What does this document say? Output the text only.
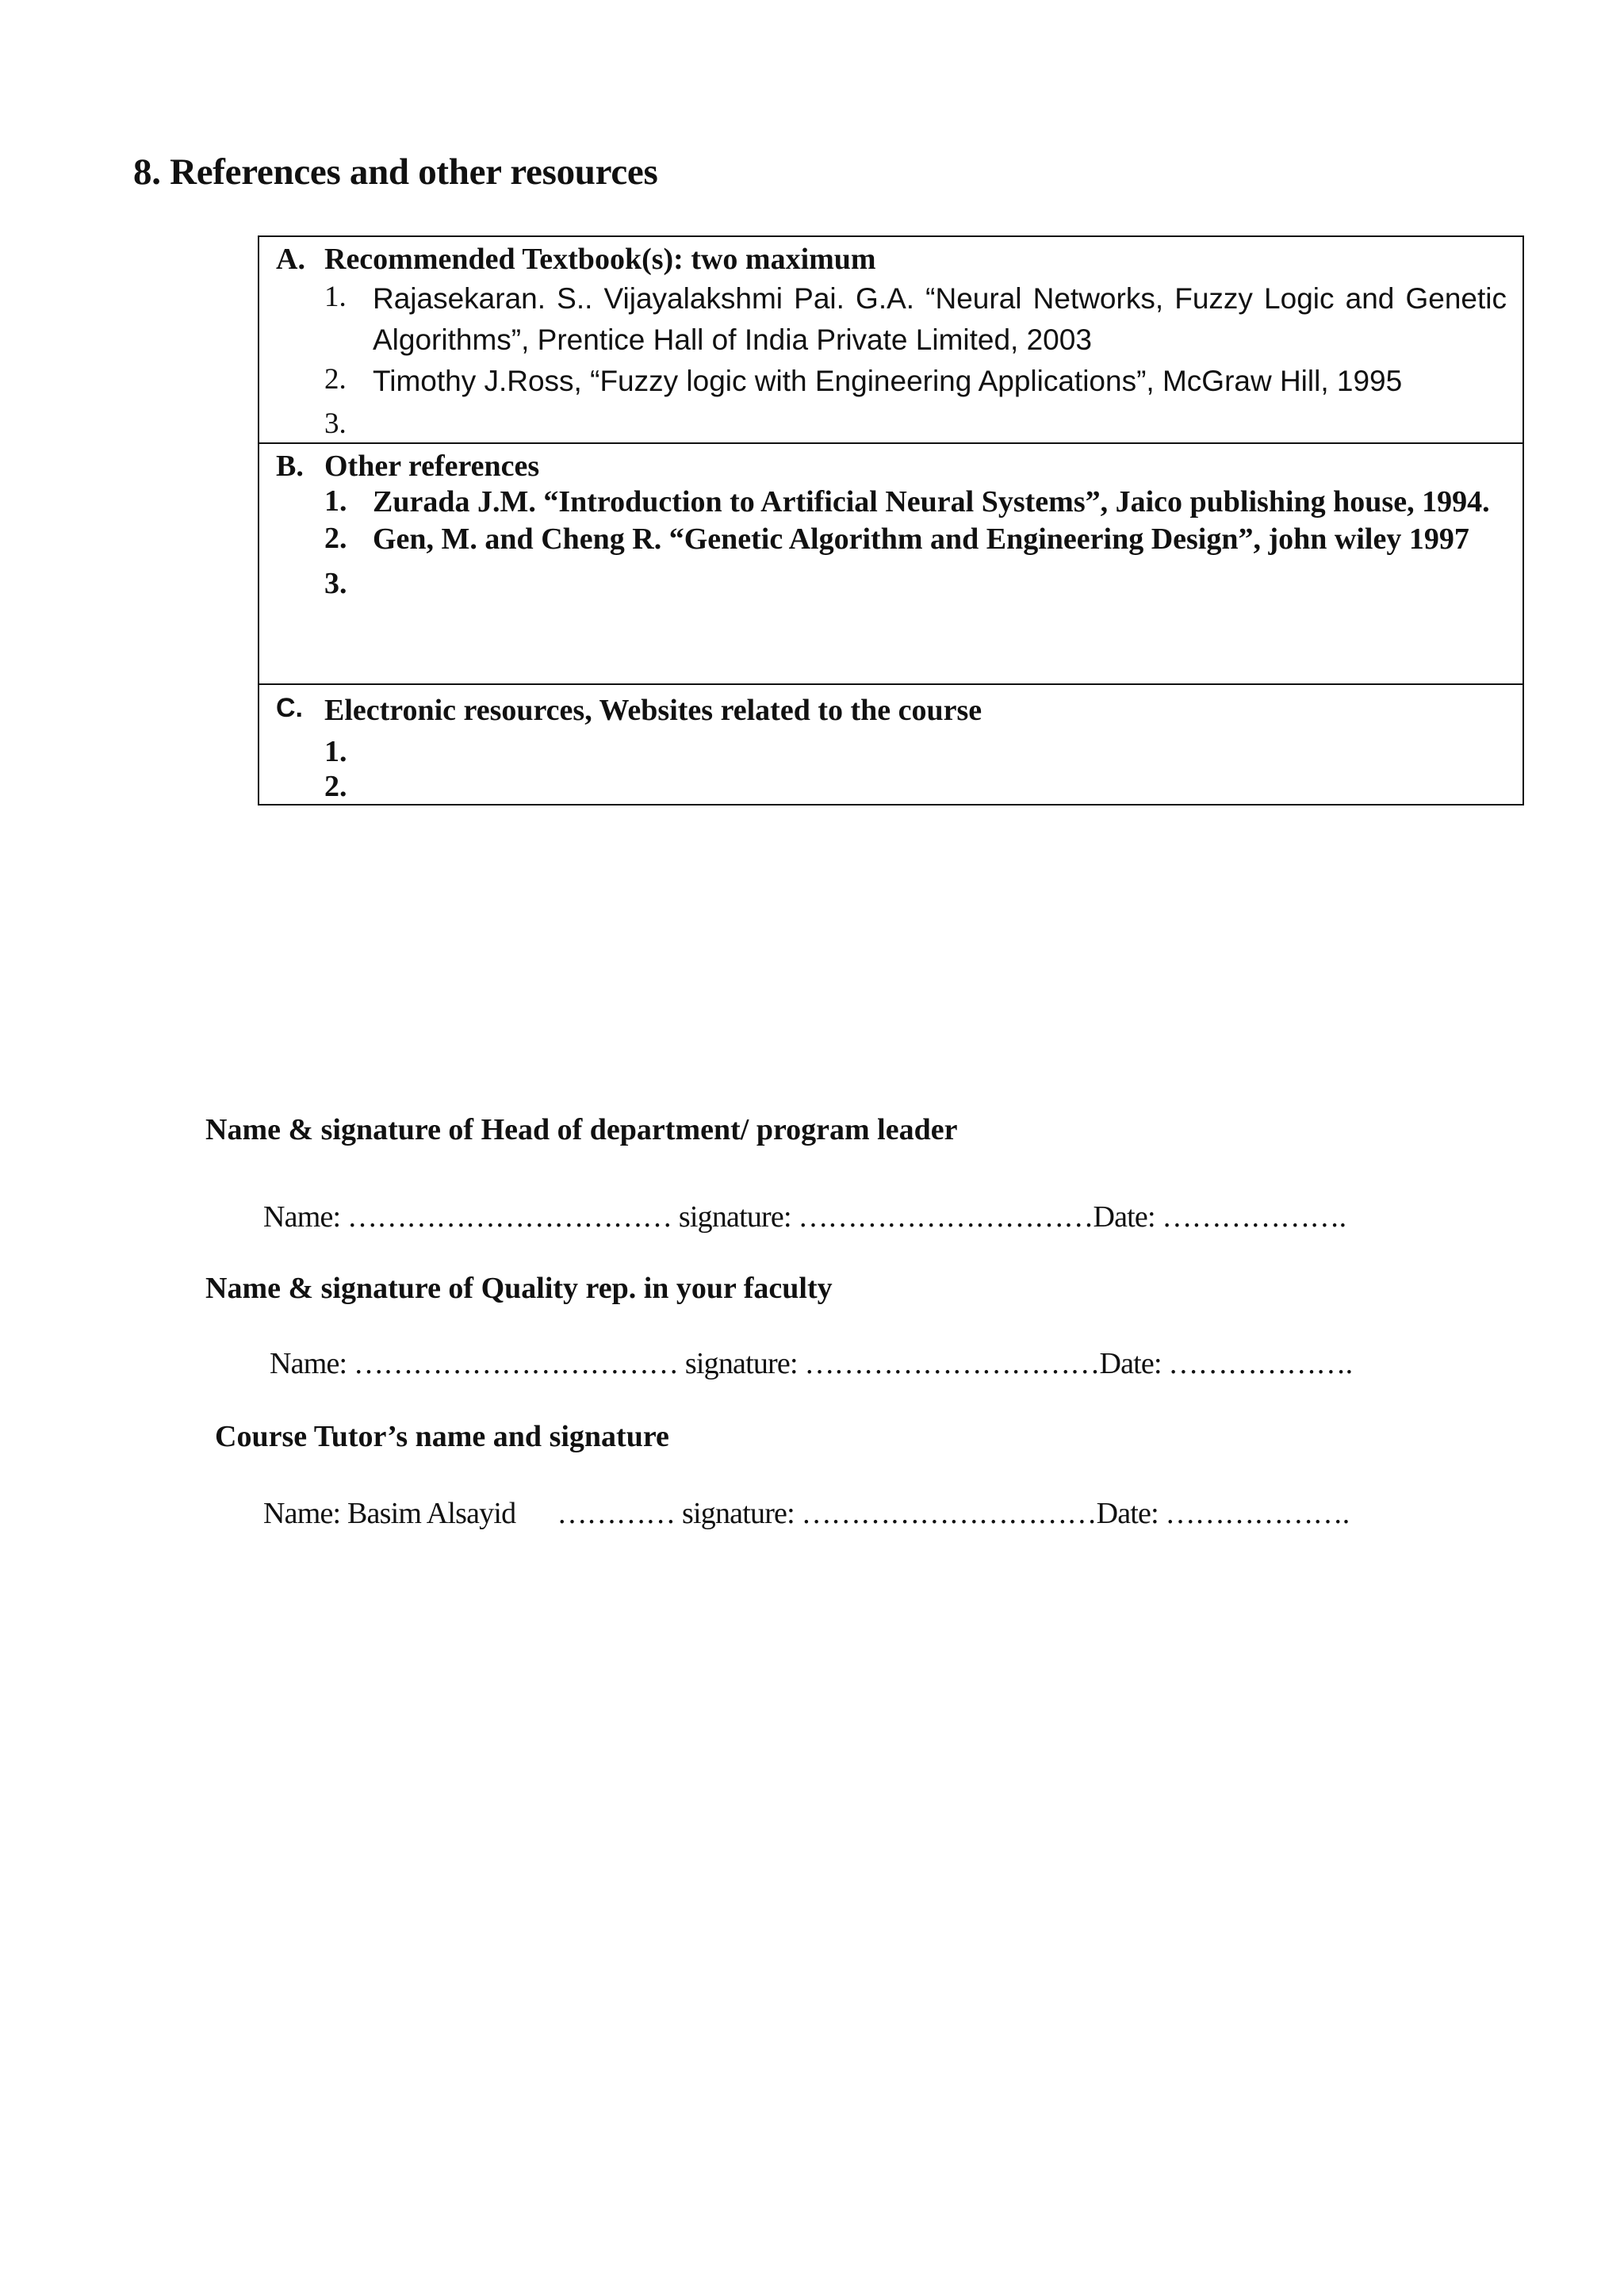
8. References and other resources
A. Recommended Textbook(s): two maximum
1. Rajasekaran. S.. Vijayalakshmi Pai. G.A. “Neural Networks, Fuzzy Logic and Genetic Algorithms”, Prentice Hall of India Private Limited, 2003
2. Timothy J.Ross, “Fuzzy logic with Engineering Applications”, McGraw Hill, 1995
3.
B. Other references
1. Zurada J.M. “Introduction to Artificial Neural Systems”, Jaico publishing house, 1994.
2. Gen, M. and Cheng R. “Genetic Algorithm and Engineering Design”, john wiley 1997
3.
C. Electronic resources, Websites related to the course
1.
2.
Name & signature of Head of department/ program leader
Name: …………………………… signature: …………………………Date: ……………….
Name & signature of Quality rep. in your faculty
Name: …………………………… signature: …………………………Date: ……………….
Course Tutor’s name and signature
Name: Basim Alsayid      ………… signature: …………………………Date: ……………….
